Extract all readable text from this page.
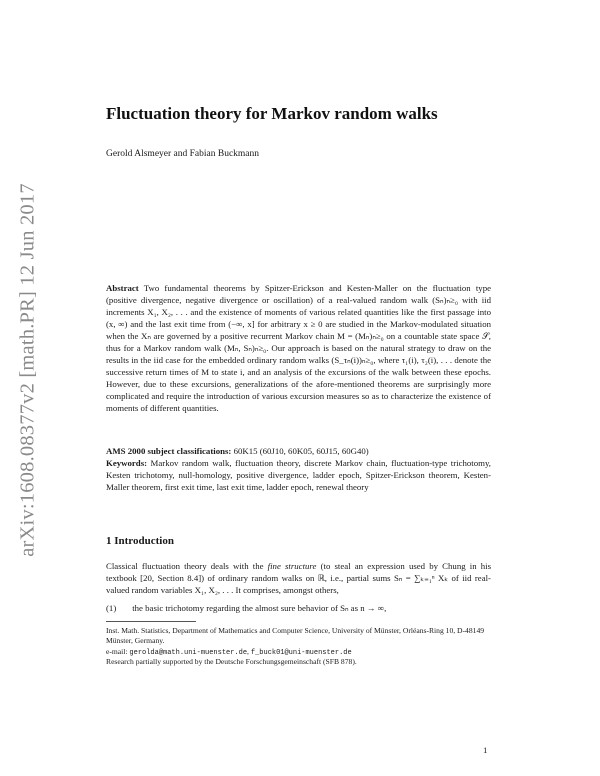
arXiv:1608.08377v2 [math.PR] 12 Jun 2017
Fluctuation theory for Markov random walks
Gerold Alsmeyer and Fabian Buckmann
Abstract Two fundamental theorems by Spitzer-Erickson and Kesten-Maller on the fluctuation type (positive divergence, negative divergence or oscillation) of a real-valued random walk (Sₙ)ₙ≥₀ with iid increments X₁, X₂, . . . and the existence of moments of various related quantities like the first passage into (x, ∞) and the last exit time from (−∞, x] for arbitrary x ≥ 0 are studied in the Markov-modulated situation when the Xₙ are governed by a positive recurrent Markov chain M = (Mₙ)ₙ≥₀ on a countable state space 𝒮, thus for a Markov random walk (Mₙ, Sₙ)ₙ≥₀. Our approach is based on the natural strategy to draw on the results in the iid case for the embedded ordinary random walks (S_τₙ(i))ₙ≥₀, where τ₁(i), τ₂(i), . . . denote the successive return times of M to state i, and an analysis of the excursions of the walk between these epochs. However, due to these excursions, generalizations of the afore-mentioned theorems are surprisingly more complicated and require the introduction of various excursion measures so as to characterize the existence of moments of different quantities.
AMS 2000 subject classifications: 60K15 (60J10, 60K05, 60J15, 60G40)
Keywords: Markov random walk, fluctuation theory, discrete Markov chain, fluctuation-type trichotomy, Kesten trichotomy, null-homology, positive divergence, ladder epoch, Spitzer-Erickson theorem, Kesten-Maller theorem, first exit time, last exit time, ladder epoch, renewal theory
1 Introduction
Classical fluctuation theory deals with the fine structure (to steal an expression used by Chung in his textbook [20, Section 8.4]) of ordinary random walks on ℝ, i.e., partial sums Sₙ = ∑ₖ₌₁ⁿ Xₖ of iid real-valued random variables X₁, X₂, . . . It comprises, amongst others,
(1) the basic trichotomy regarding the almost sure behavior of Sₙ as n → ∞,
Inst. Math. Statistics, Department of Mathematics and Computer Science, University of Münster, Orléans-Ring 10, D-48149 Münster, Germany.
e-mail: gerolda@math.uni-muenster.de, f_buck01@uni-muenster.de
Research partially supported by the Deutsche Forschungsgemeinschaft (SFB 878).
1
